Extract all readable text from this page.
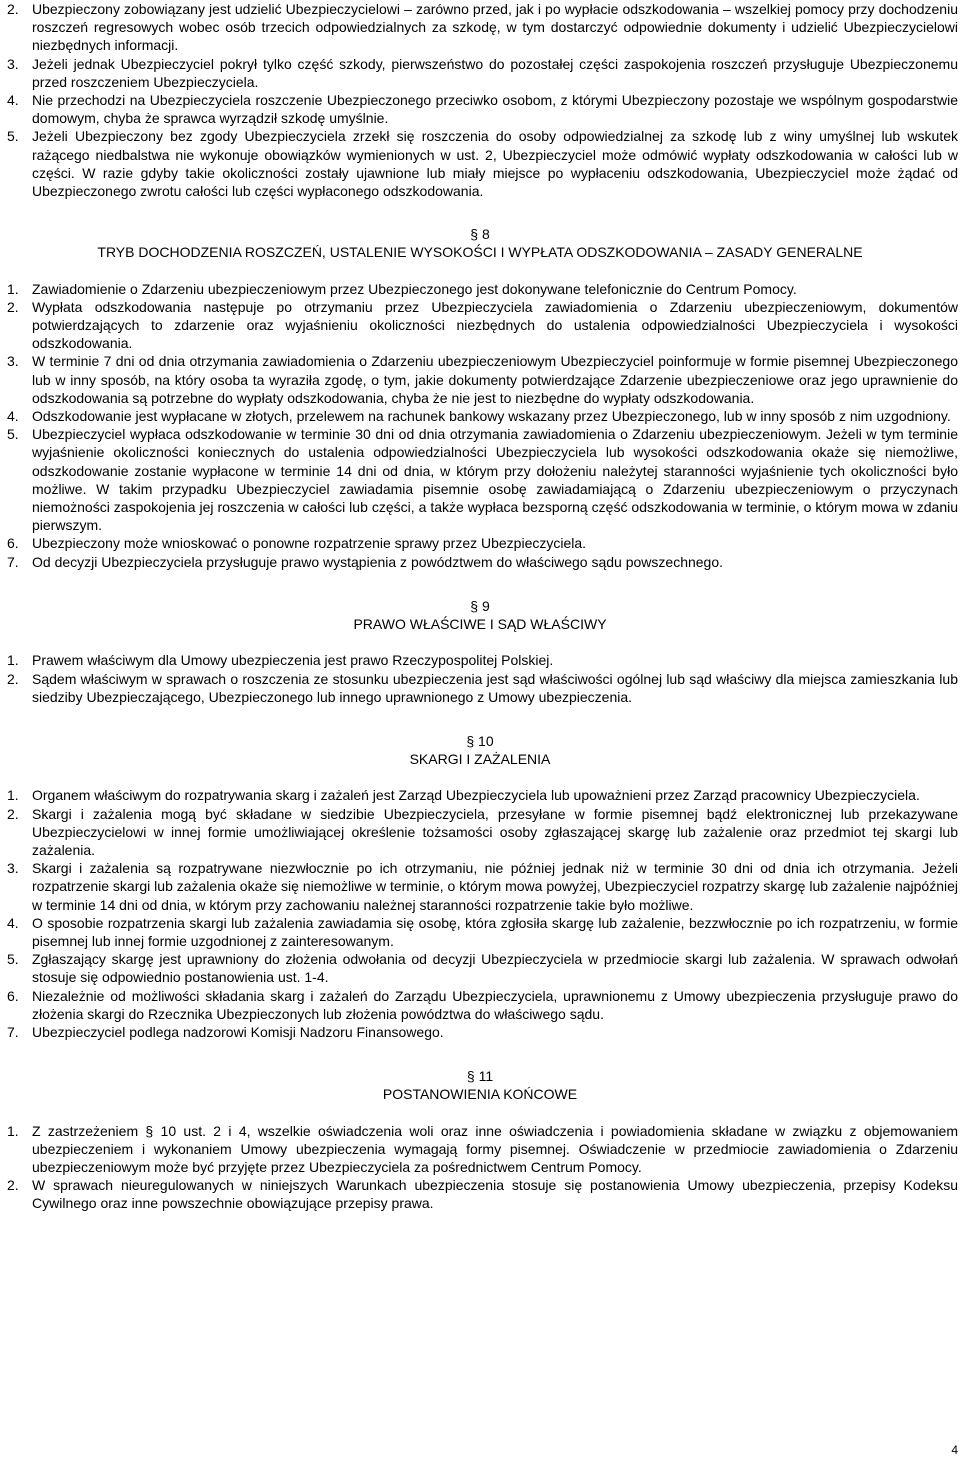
2. Ubezpieczony zobowiązany jest udzielić Ubezpieczycielowi – zarówno przed, jak i po wypłacie odszkodowania – wszelkiej pomocy przy dochodzeniu roszczeń regresowych wobec osób trzecich odpowiedzialnych za szkodę, w tym dostarczyć odpowiednie dokumenty i udzielić Ubezpieczycielowi niezbędnych informacji.
3. Jeżeli jednak Ubezpieczyciel pokrył tylko część szkody, pierwszeństwo do pozostałej części zaspokojenia roszczeń przysługuje Ubezpieczonemu przed roszczeniem Ubezpieczyciela.
4. Nie przechodzi na Ubezpieczyciela roszczenie Ubezpieczonego przeciwko osobom, z którymi Ubezpieczony pozostaje we wspólnym gospodarstwie domowym, chyba że sprawca wyrządził szkodę umyślnie.
5. Jeżeli Ubezpieczony bez zgody Ubezpieczyciela zrzekł się roszczenia do osoby odpowiedzialnej za szkodę lub z winy umyślnej lub wskutek rażącego niedbalstwa nie wykonuje obowiązków wymienionych w ust. 2, Ubezpieczyciel może odmówić wypłaty odszkodowania w całości lub w części. W razie gdyby takie okoliczności zostały ujawnione lub miały miejsce po wypłaceniu odszkodowania, Ubezpieczyciel może żądać od Ubezpieczonego zwrotu całości lub części wypłaconego odszkodowania.

§ 8

TRYB DOCHODZENIA ROSZCZEŃ, USTALENIE WYSOKOŚCI I WYPŁATA ODSZKODOWANIA – ZASADY GENERALNE

1. Zawiadomienie o Zdarzeniu ubezpieczeniowym przez Ubezpieczonego jest dokonywane telefonicznie do Centrum Pomocy.
2. Wypłata odszkodowania następuje po otrzymaniu przez Ubezpieczyciela zawiadomienia o Zdarzeniu ubezpieczeniowym, dokumentów potwierdzających to zdarzenie oraz wyjaśnieniu okoliczności niezbędnych do ustalenia odpowiedzialności Ubezpieczyciela i wysokości odszkodowania.
3. W terminie 7 dni od dnia otrzymania zawiadomienia o Zdarzeniu ubezpieczeniowym Ubezpieczyciel poinformuje w formie pisemnej Ubezpieczonego lub w inny sposób, na który osoba ta wyraziła zgodę, o tym, jakie dokumenty potwierdzające Zdarzenie ubezpieczeniowe oraz jego uprawnienie do odszkodowania są potrzebne do wypłaty odszkodowania, chyba że nie jest to niezbędne do wypłaty odszkodowania.
4. Odszkodowanie jest wypłacane w złotych, przelewem na rachunek bankowy wskazany przez Ubezpieczonego, lub w inny sposób z nim uzgodniony.
5. Ubezpieczyciel wypłaca odszkodowanie w terminie 30 dni od dnia otrzymania zawiadomienia o Zdarzeniu ubezpieczeniowym. Jeżeli w tym terminie wyjaśnienie okoliczności koniecznych do ustalenia odpowiedzialności Ubezpieczyciela lub wysokości odszkodowania okaże się niemożliwe, odszkodowanie zostanie wypłacone w terminie 14 dni od dnia, w którym przy dołożeniu należytej staranności wyjaśnienie tych okoliczności było możliwe. W takim przypadku Ubezpieczyciel zawiadamia pisemnie osobę zawiadamiającą o Zdarzeniu ubezpieczeniowym o przyczynach niemożności zaspokojenia jej roszczenia w całości lub części, a także wypłaca bezsporną część odszkodowania w terminie, o którym mowa w zdaniu pierwszym.
6. Ubezpieczony może wnioskować o ponowne rozpatrzenie sprawy przez Ubezpieczyciela.
7. Od decyzji Ubezpieczyciela przysługuje prawo wystąpienia z powództwem do właściwego sądu powszechnego.

§ 9

PRAWO WŁAŚCIWE I SĄD WŁAŚCIWY

1. Prawem właściwym dla Umowy ubezpieczenia jest prawo Rzeczypospolitej Polskiej.
2. Sądem właściwym w sprawach o roszczenia ze stosunku ubezpieczenia jest sąd właściwości ogólnej lub sąd właściwy dla miejsca zamieszkania lub siedziby Ubezpieczającego, Ubezpieczonego lub innego uprawnionego z Umowy ubezpieczenia.

§ 10

SKARGI I ZAŻALENIA

1. Organem właściwym do rozpatrywania skarg i zażaleń jest Zarząd Ubezpieczyciela lub upoważnieni przez Zarząd pracownicy Ubezpieczyciela.
2. Skargi i zażalenia mogą być składane w siedzibie Ubezpieczyciela, przesyłane w formie pisemnej bądź elektronicznej lub przekazywane Ubezpieczycielowi w innej formie umożliwiającej określenie tożsamości osoby zgłaszającej skargę lub zażalenie oraz przedmiot tej skargi lub zażalenia.
3. Skargi i zażalenia są rozpatrywane niezwłocznie po ich otrzymaniu, nie później jednak niż w terminie 30 dni od dnia ich otrzymania. Jeżeli rozpatrzenie skargi lub zażalenia okaże się niemożliwe w terminie, o którym mowa powyżej, Ubezpieczyciel rozpatrzy skargę lub zażalenie najpóźniej w terminie 14 dni od dnia, w którym przy zachowaniu należnej staranności rozpatrzenie takie było możliwe.
4. O sposobie rozpatrzenia skargi lub zażalenia zawiadamia się osobę, która zgłosiła skargę lub zażalenie, bezzwłocznie po ich rozpatrzeniu, w formie pisemnej lub innej formie uzgodnionej z zainteresowanym.
5. Zgłaszający skargę jest uprawniony do złożenia odwołania od decyzji Ubezpieczyciela w przedmiocie skargi lub zażalenia. W sprawach odwołań stosuje się odpowiednio postanowienia ust. 1-4.
6. Niezależnie od możliwości składania skarg i zażaleń do Zarządu Ubezpieczyciela, uprawnionemu z Umowy ubezpieczenia przysługuje prawo do złożenia skargi do Rzecznika Ubezpieczonych lub złożenia powództwa do właściwego sądu.
7. Ubezpieczyciel podlega nadzorowi Komisji Nadzoru Finansowego.

§ 11

POSTANOWIENIA KOŃCOWE

1. Z zastrzeżeniem § 10 ust. 2 i 4, wszelkie oświadczenia woli oraz inne oświadczenia i powiadomienia składane w związku z objemowaniem ubezpieczeniem i wykonaniem Umowy ubezpieczenia wymagają formy pisemnej. Oświadczenie w przedmiocie zawiadomienia o Zdarzeniu ubezpieczeniowym może być przyjęte przez Ubezpieczyciela za pośrednictwem Centrum Pomocy.
2. W sprawach nieuregulowanych w niniejszych Warunkach ubezpieczenia stosuje się postanowienia Umowy ubezpieczenia, przepisy Kodeksu Cywilnego oraz inne powszechnie obowiązujące przepisy prawa.
4
